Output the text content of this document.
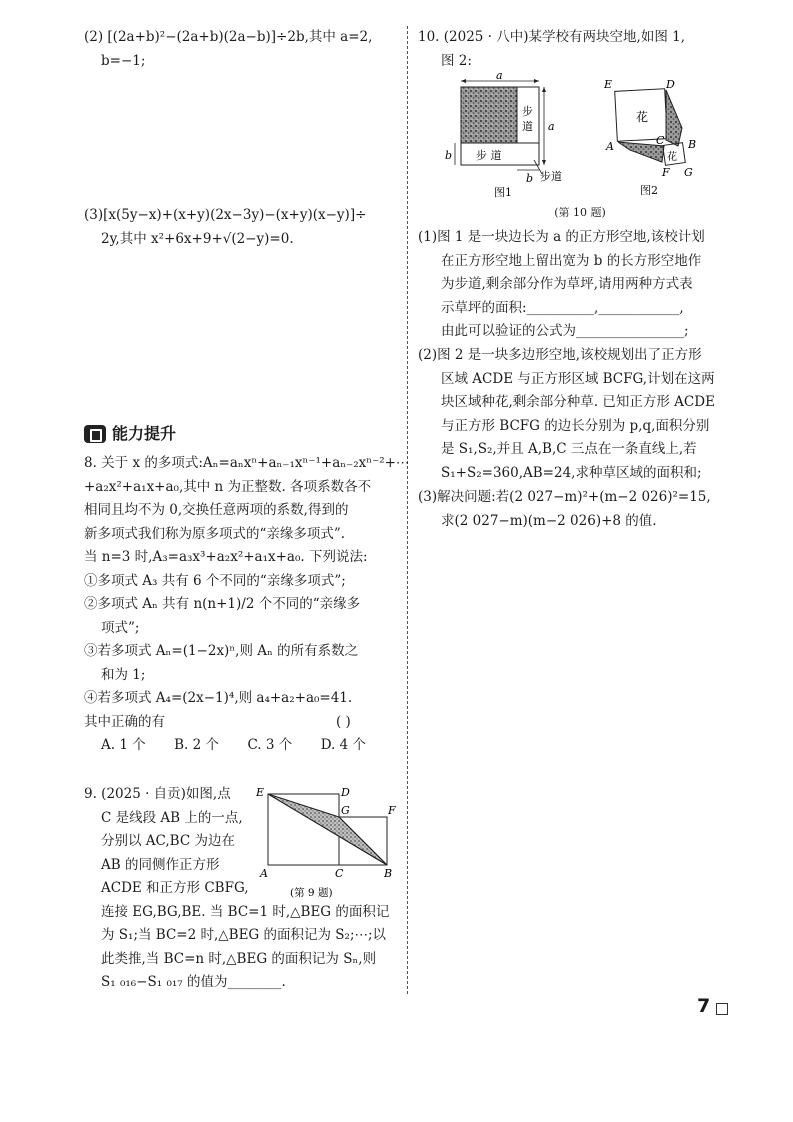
(2) [(2a+b)²−(2a+b)(2a−b)]÷2b,其中 a=2,
b=−1;
(3)[x(5y−x)+(x+y)(2x−3y)−(x+y)(x−y)]÷
2y,其中 x²+6x+9+√(2−y)=0.
能力提升
8. 关于 x 的多项式:Aₙ=aₙxⁿ+aₙ₋₁xⁿ⁻¹+aₙ₋₂xⁿ⁻²+⋯
+a₂x²+a₁x+a₀,其中 n 为正整数. 各项系数各不
相同且均不为 0,交换任意两项的系数,得到的
新多项式我们称为原多项式的“亲缘多项式”.
当 n=3 时,A₃=a₃x³+a₂x²+a₁x+a₀. 下列说法:
①多项式 A₃ 共有 6 个不同的“亲缘多项式”;
②多项式 Aₙ 共有 n(n+1)/2 个不同的“亲缘多
项式”;
③若多项式 Aₙ=(1−2x)ⁿ,则 Aₙ 的所有系数之
和为 1;
④若多项式 A₄=(2x−1)⁴,则 a₄+a₂+a₀=41.
其中正确的有	( )
A. 1 个 B. 2 个 C. 3 个 D. 4 个
9. (2025 · 自贡)如图,点
C 是线段 AB 上的一点,
分别以 AC,BC 为边在
AB 的同侧作正方形
ACDE 和正方形 CBFG,
连接 EG,BG,BE. 当 BC=1 时,△BEG 的面积记
为 S₁;当 BC=2 时,△BEG 的面积记为 S₂;⋯;以
此类推,当 BC=n 时,△BEG 的面积记为 Sₙ,则
S₁ ₀₁₆−S₁ ₀₁₇ 的值为________.
E	D
G	F
A	C	B
(第 9 题)
10. (2025 · 八中)某学校有两块空地,如图 1,
图 2:
(1)图 1 是一块边长为 a 的正方形空地,该校计划
在正方形空地上留出宽为 b 的长方形空地作
为步道,剩余部分作为草坪,请用两种方式表
示草坪的面积:__________,____________,
由此可以验证的公式为________________;
(2)图 2 是一块多边形空地,该校规划出了正方形
区域 ACDE 与正方形区域 BCFG,计划在这两
块区域种花,剩余部分种草. 已知正方形 ACDE
与正方形 BCFG 的边长分别为 p,q,面积分别
是 S₁,S₂,并且 A,B,C 三点在一条直线上,若
S₁+S₂=360,AB=24,求种草区域的面积和;
(3)解决问题:若(2 027−m)²+(m−2 026)²=15,
求(2 027−m)(m−2 026)+8 的值.
a
步
道
步 道
a
b
b 步道
图1
花
花
E	D
A	C B
F G
图2
(第 10 题)
7
